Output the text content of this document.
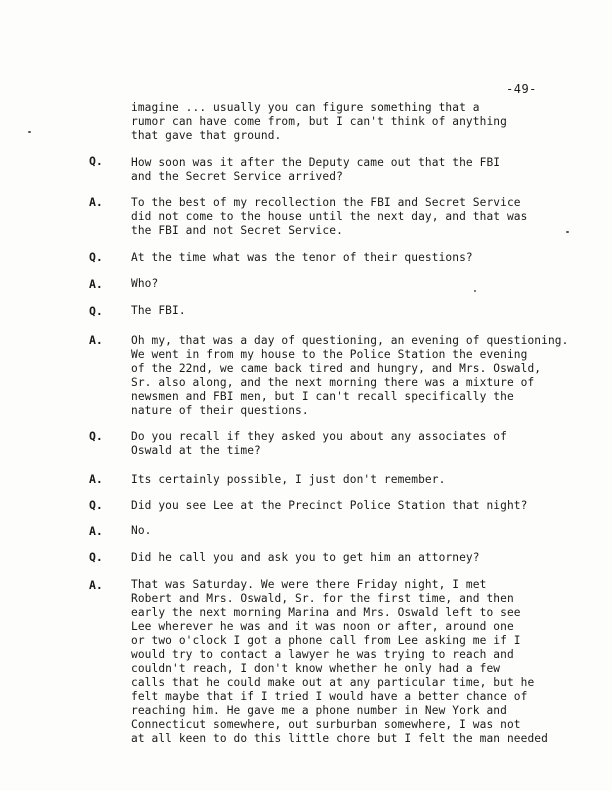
-49-
imagine ... usually you can figure something that a
rumor can have come from, but I can't think of anything
that gave that ground.
Q.	How soon was it after the Deputy came out that the FBI
and the Secret Service arrived?
A.	To the best of my recollection the FBI and Secret Service
did not come to the house until the next day, and that was
the FBI and not Secret Service.
Q.	At the time what was the tenor of their questions?
A.	Who?
Q.	The FBI.
A.	Oh my, that was a day of questioning, an evening of questioning.
We went in from my house to the Police Station the evening
of the 22nd, we came back tired and hungry, and Mrs. Oswald,
Sr. also along, and the next morning there was a mixture of
newsmen and FBI men, but I can't recall specifically the
nature of their questions.
Q.	Do you recall if they asked you about any associates of
Oswald at the time?
A.	Its certainly possible, I just don't remember.
Q.	Did you see Lee at the Precinct Police Station that night?
A.	No.
Q.	Did he call you and ask you to get him an attorney?
A.	That was Saturday. We were there Friday night, I met
Robert and Mrs. Oswald, Sr. for the first time, and then
early the next morning Marina and Mrs. Oswald left to see
Lee wherever he was and it was noon or after, around one
or two o'clock I got a phone call from Lee asking me if I
would try to contact a lawyer he was trying to reach and
couldn't reach, I don't know whether he only had a few
calls that he could make out at any particular time, but he
felt maybe that if I tried I would have a better chance of
reaching him. He gave me a phone number in New York and
Connecticut somewhere, out surburban somewhere, I was not
at all keen to do this little chore but I felt the man needed
